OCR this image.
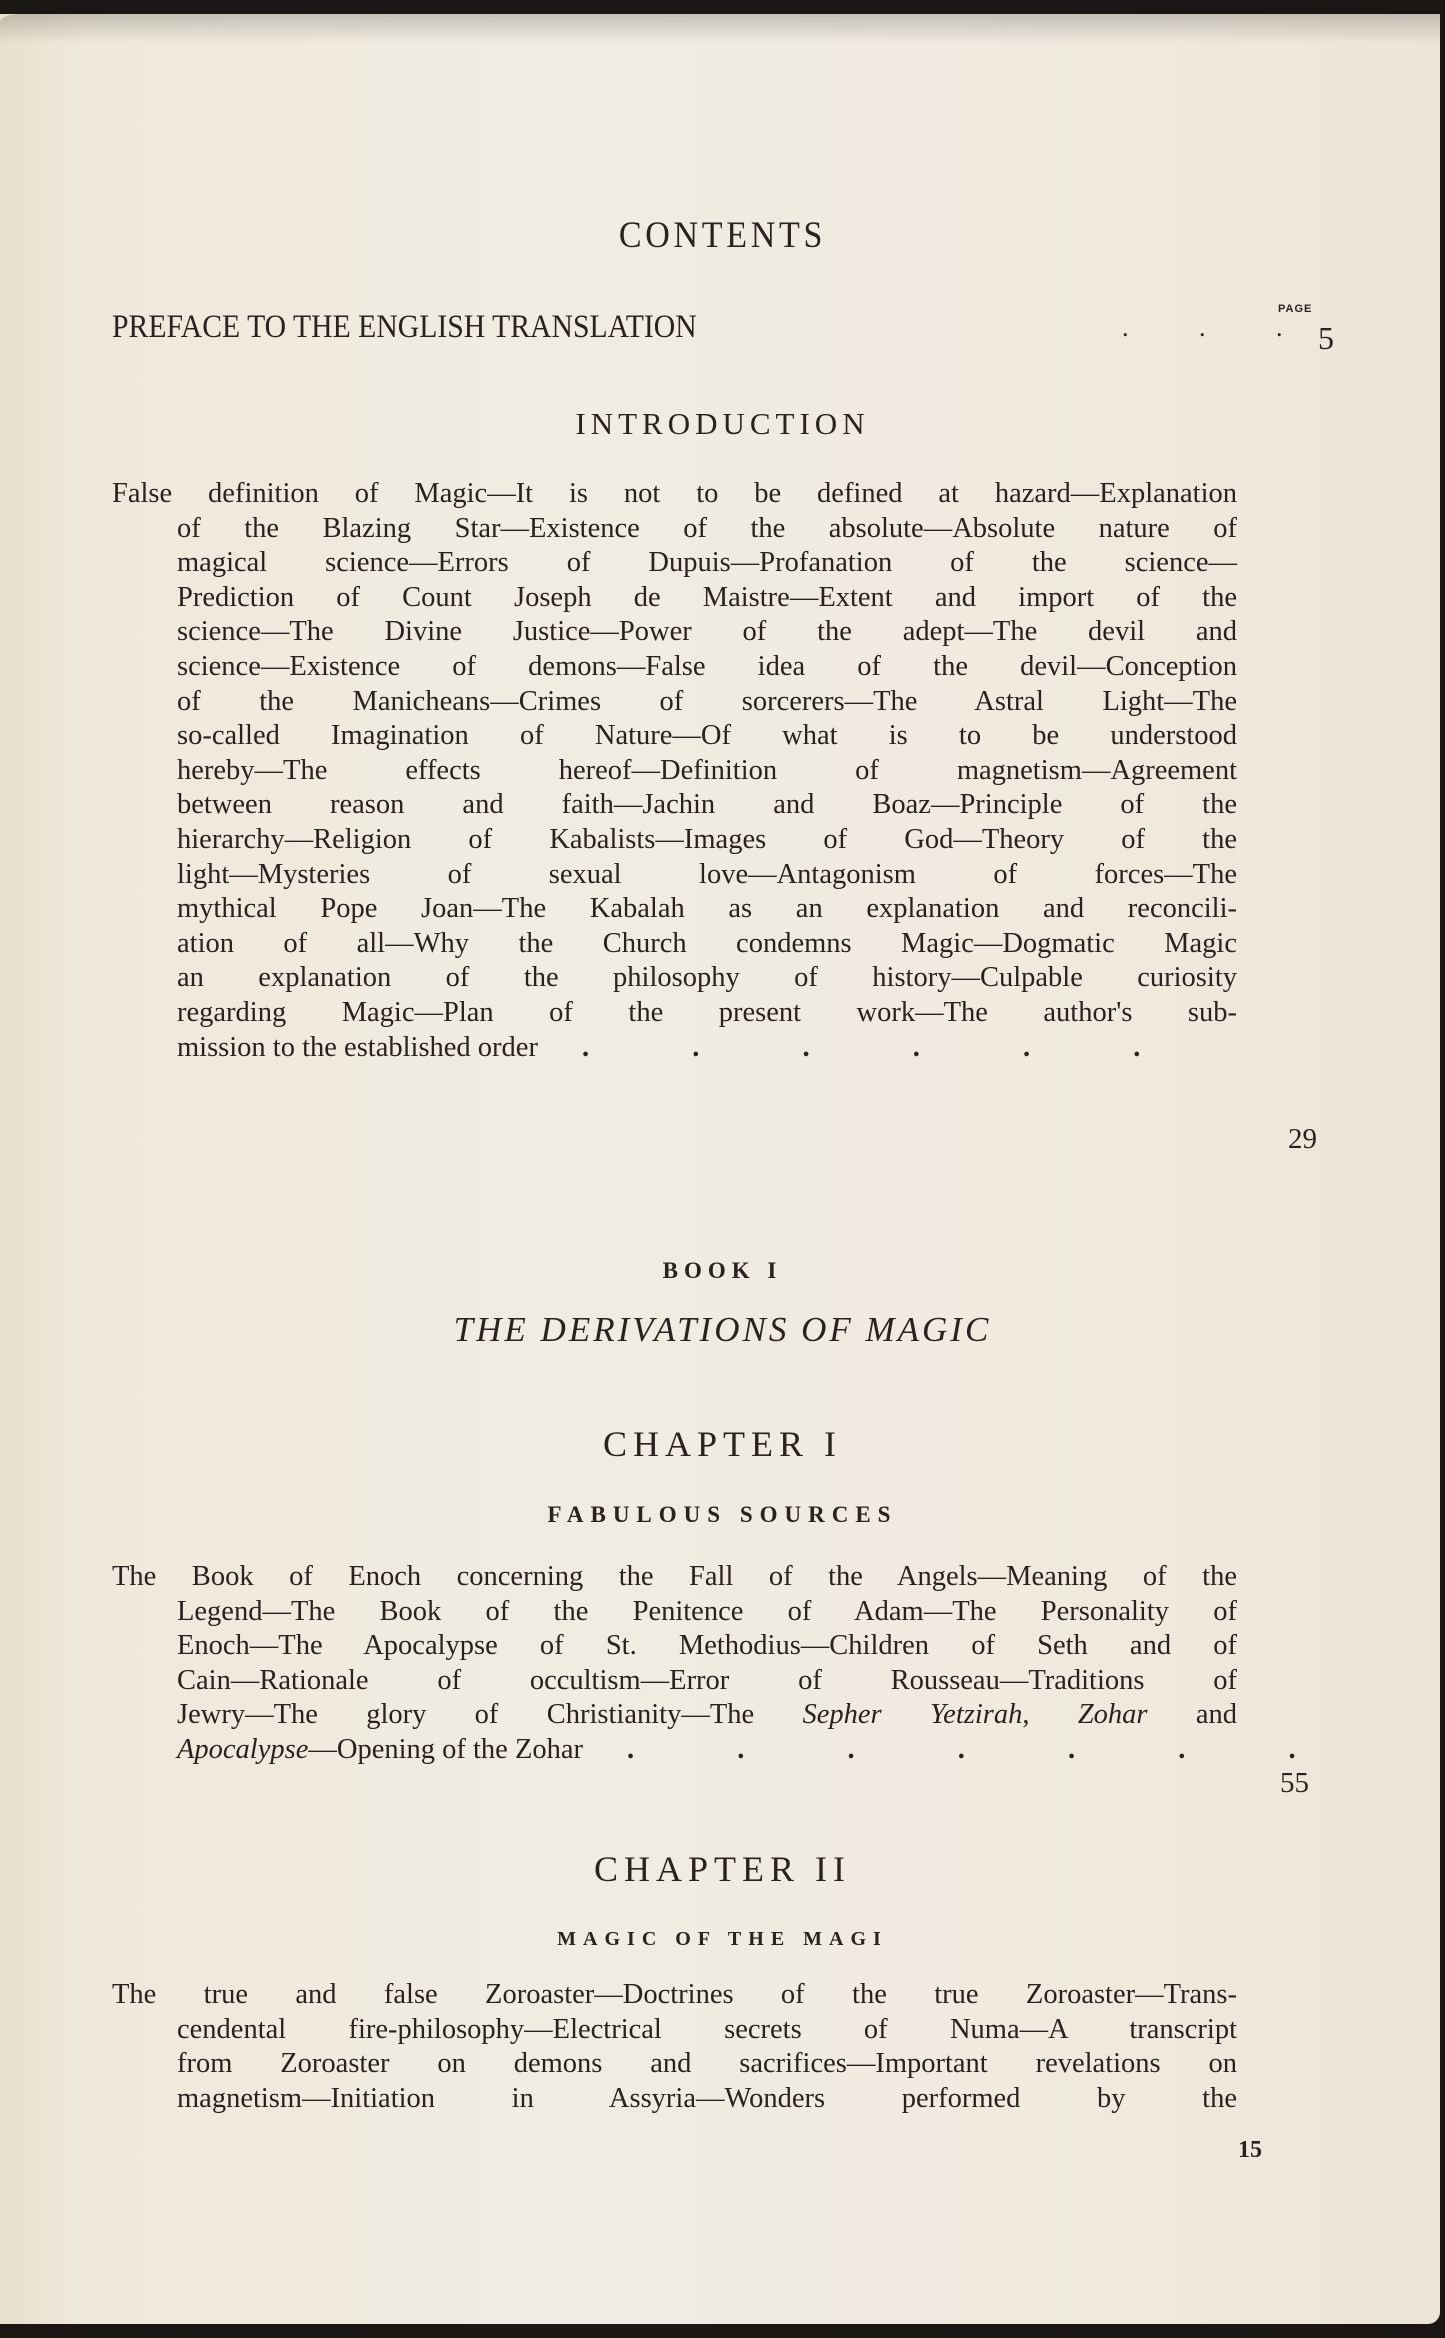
CONTENTS
PAGE
PREFACE TO THE ENGLISH TRANSLATION	. . . 5
INTRODUCTION
False definition of Magic—It is not to be defined at hazard—Explanation
of the Blazing Star—Existence of the absolute—Absolute nature of
magical science—Errors of Dupuis—Profanation of the science—
Prediction of Count Joseph de Maistre—Extent and import of the
science—The Divine Justice—Power of the adept—The devil and
science—Existence of demons—False idea of the devil—Conception
of the Manicheans—Crimes of sorcerers—The Astral Light—The
so-called Imagination of Nature—Of what is to be understood
hereby—The effects hereof—Definition of magnetism—Agreement
between reason and faith—Jachin and Boaz—Principle of the
hierarchy—Religion of Kabalists—Images of God—Theory of the
light—Mysteries of sexual love—Antagonism of forces—The
mythical Pope Joan—The Kabalah as an explanation and reconcili-
ation of all—Why the Church condemns Magic—Dogmatic Magic
an explanation of the philosophy of history—Culpable curiosity
regarding Magic—Plan of the present work—The author's sub-
mission to the established order . . . . . .
29
BOOK I
THE DERIVATIONS OF MAGIC
CHAPTER I
FABULOUS SOURCES
The Book of Enoch concerning the Fall of the Angels—Meaning of the
Legend—The Book of the Penitence of Adam—The Personality of
Enoch—The Apocalypse of St. Methodius—Children of Seth and of
Cain—Rationale of occultism—Error of Rousseau—Traditions of
Jewry—The glory of Christianity—The Sepher Yetzirah, Zohar and
Apocalypse—Opening of the Zohar . . . . . . .
55
CHAPTER II
MAGIC OF THE MAGI
The true and false Zoroaster—Doctrines of the true Zoroaster—Trans-
cendental fire-philosophy—Electrical secrets of Numa—A transcript
from Zoroaster on demons and sacrifices—Important revelations on
magnetism—Initiation in Assyria—Wonders performed by the
15
